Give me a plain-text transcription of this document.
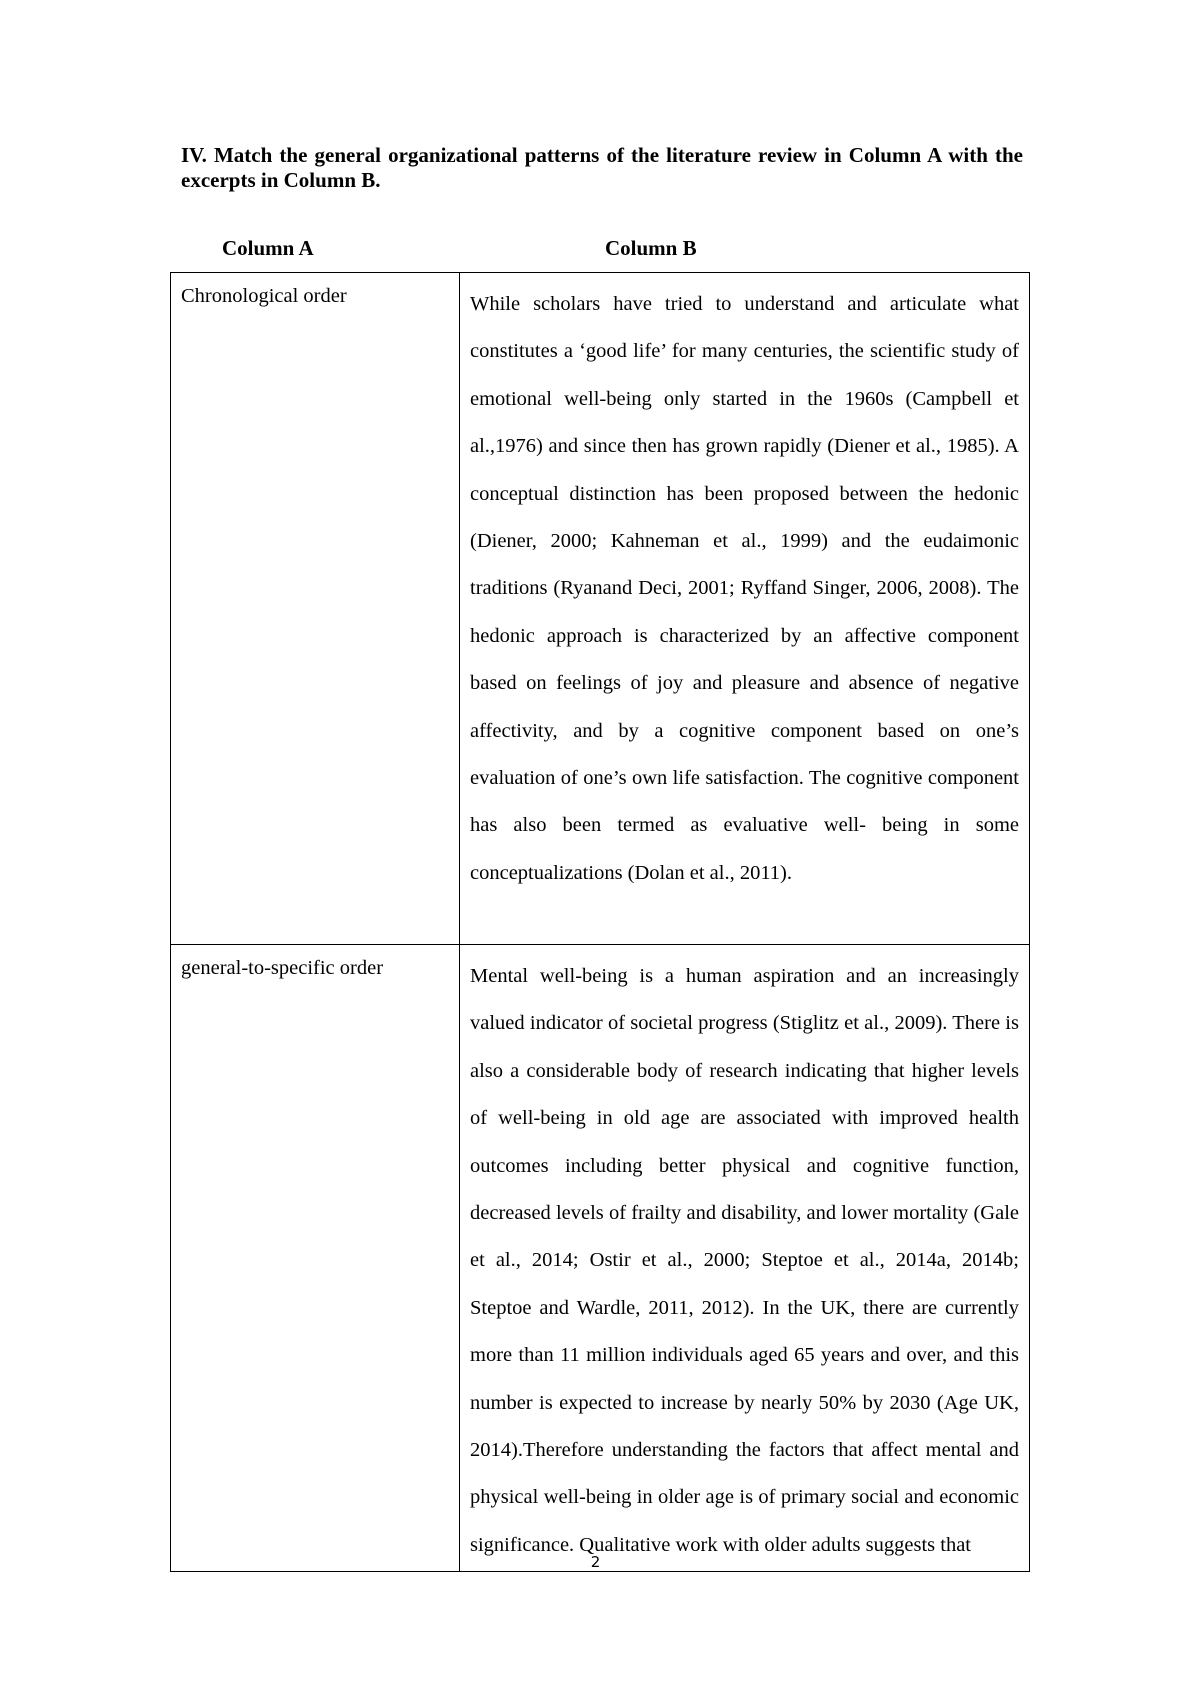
IV. Match the general organizational patterns of the literature review in Column A with the excerpts in Column B.

Column A	Column B
Chronological order	While scholars have tried to understand and articulate what constitutes a ‘good life’ for many centuries, the scientific study of emotional well-being only started in the 1960s (Campbell et al.,1976) and since then has grown rapidly (Diener et al., 1985). A conceptual distinction has been proposed between the hedonic (Diener, 2000; Kahneman et al., 1999) and the eudaimonic traditions (Ryanand Deci, 2001; Ryffand Singer, 2006, 2008). The hedonic approach is characterized by an affective component based on feelings of joy and pleasure and absence of negative affectivity, and by a cognitive component based on one’s evaluation of one’s own life satisfaction. The cognitive component has also been termed as evaluative well- being in some conceptualizations (Dolan et al., 2011).

general-to-specific order	Mental well-being is a human aspiration and an increasingly valued indicator of societal progress (Stiglitz et al., 2009). There is also a considerable body of research indicating that higher levels of well-being in old age are associated with improved health outcomes including better physical and cognitive function, decreased levels of frailty and disability, and lower mortality (Gale et al., 2014; Ostir et al., 2000; Steptoe et al., 2014a, 2014b; Steptoe and Wardle, 2011, 2012). In the UK, there are currently more than 11 million individuals aged 65 years and over, and this number is expected to increase by nearly 50% by 2030 (Age UK, 2014).Therefore understanding the factors that affect mental and physical well-being in older age is of primary social and economic significance. Qualitative work with older adults suggests that

2
